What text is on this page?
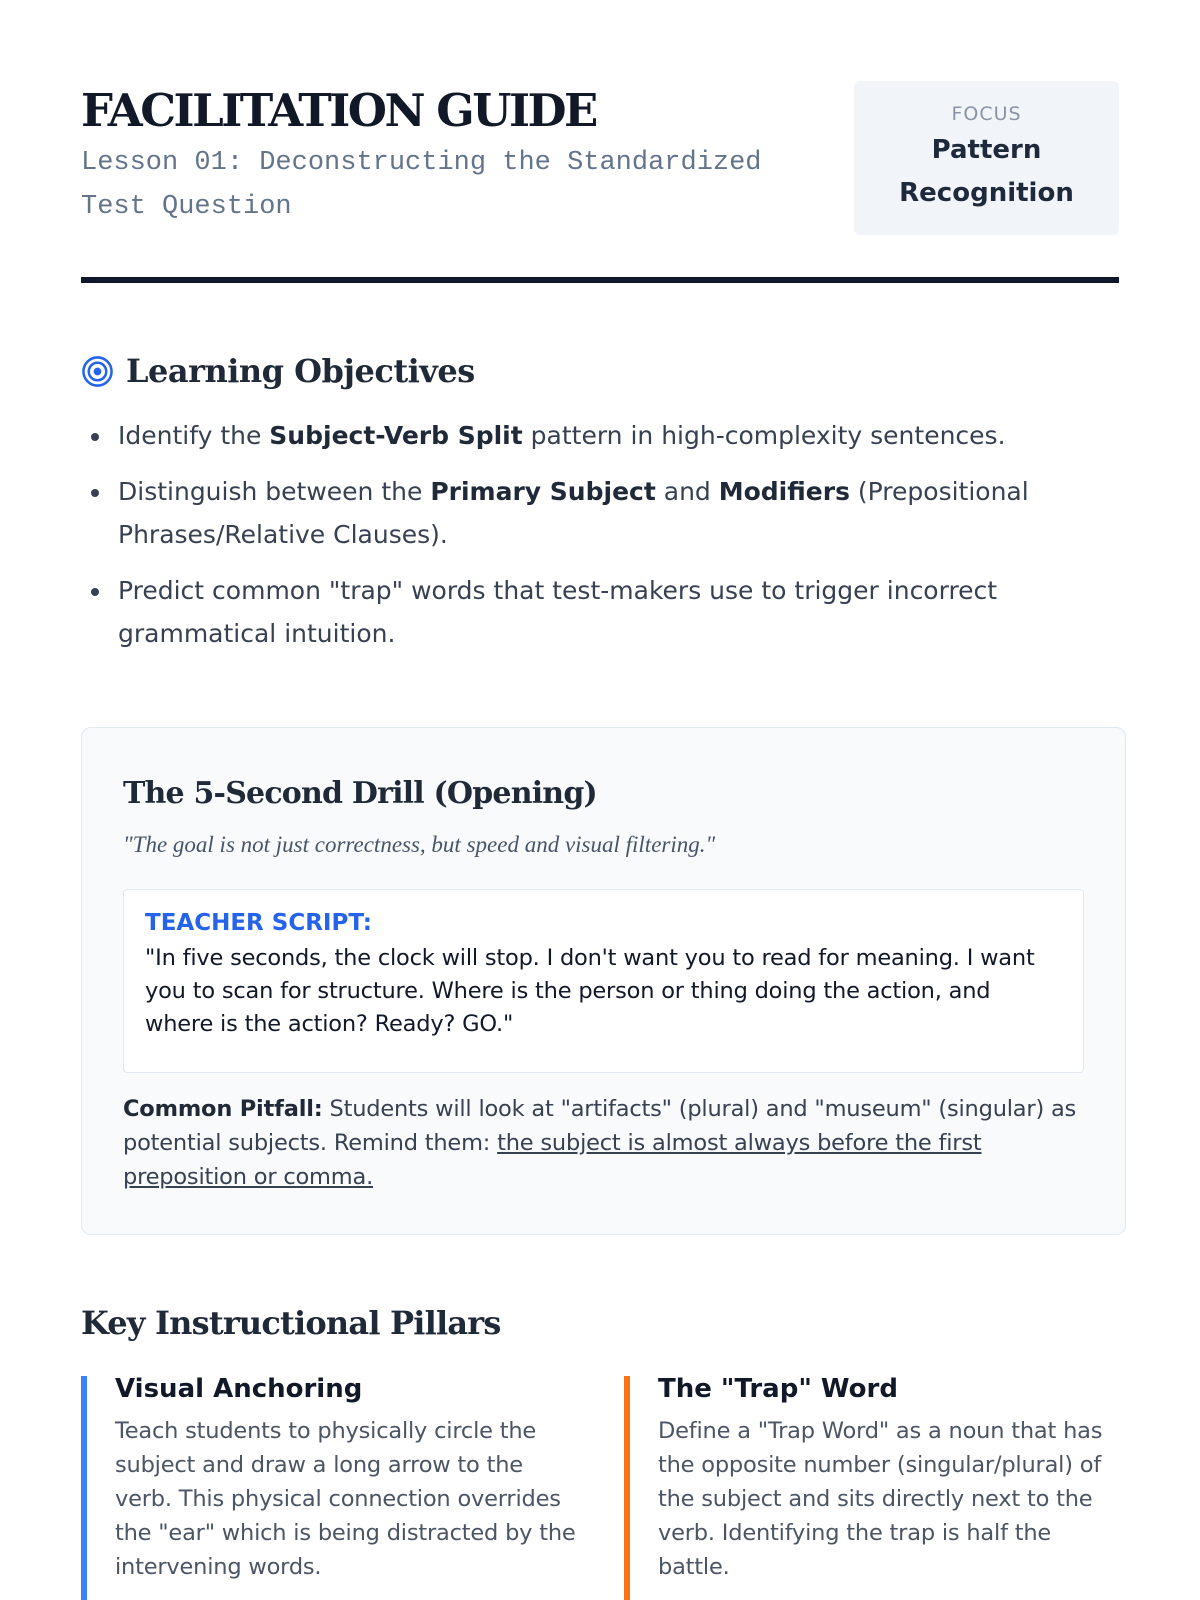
FACILITATION GUIDE
Lesson 01: Deconstructing the Standardized Test Question
FOCUS
Pattern Recognition
Learning Objectives
Identify the Subject-Verb Split pattern in high-complexity sentences.
Distinguish between the Primary Subject and Modifiers (Prepositional Phrases/Relative Clauses).
Predict common "trap" words that test-makers use to trigger incorrect grammatical intuition.
The 5-Second Drill (Opening)
"The goal is not just correctness, but speed and visual filtering."
TEACHER SCRIPT:
"In five seconds, the clock will stop. I don't want you to read for meaning. I want you to scan for structure. Where is the person or thing doing the action, and where is the action? Ready? GO."

Common Pitfall: Students will look at "artifacts" (plural) and "museum" (singular) as potential subjects. Remind them: the subject is almost always before the first preposition or comma.

Key Instructional Pillars
Visual Anchoring
Teach students to physically circle the subject and draw a long arrow to the verb. This physical connection overrides the "ear" which is being distracted by the intervening words.
The "Trap" Word
Define a "Trap Word" as a noun that has the opposite number (singular/plural) of the subject and sits directly next to the verb. Identifying the trap is half the battle.
